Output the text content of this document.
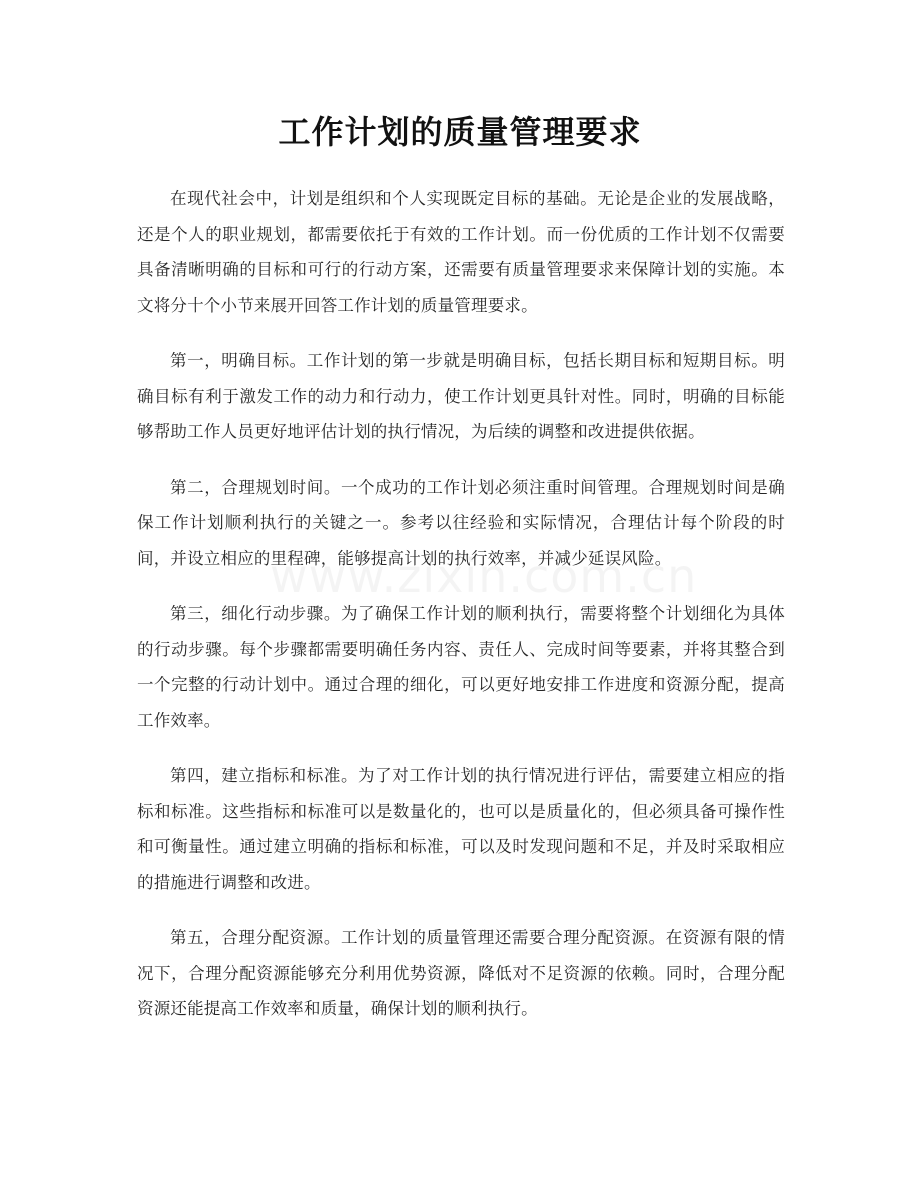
工作计划的质量管理要求

在现代社会中，计划是组织和个人实现既定目标的基础。无论是企业的发展战略，还是个人的职业规划，都需要依托于有效的工作计划。而一份优质的工作计划不仅需要具备清晰明确的目标和可行的行动方案，还需要有质量管理要求来保障计划的实施。本文将分十个小节来展开回答工作计划的质量管理要求。

第一，明确目标。工作计划的第一步就是明确目标，包括长期目标和短期目标。明确目标有利于激发工作的动力和行动力，使工作计划更具针对性。同时，明确的目标能够帮助工作人员更好地评估计划的执行情况，为后续的调整和改进提供依据。

第二，合理规划时间。一个成功的工作计划必须注重时间管理。合理规划时间是确保工作计划顺利执行的关键之一。参考以往经验和实际情况，合理估计每个阶段的时间，并设立相应的里程碑，能够提高计划的执行效率，并减少延误风险。

第三，细化行动步骤。为了确保工作计划的顺利执行，需要将整个计划细化为具体的行动步骤。每个步骤都需要明确任务内容、责任人、完成时间等要素，并将其整合到一个完整的行动计划中。通过合理的细化，可以更好地安排工作进度和资源分配，提高工作效率。

第四，建立指标和标准。为了对工作计划的执行情况进行评估，需要建立相应的指标和标准。这些指标和标准可以是数量化的，也可以是质量化的，但必须具备可操作性和可衡量性。通过建立明确的指标和标准，可以及时发现问题和不足，并及时采取相应的措施进行调整和改进。

第五，合理分配资源。工作计划的质量管理还需要合理分配资源。在资源有限的情况下，合理分配资源能够充分利用优势资源，降低对不足资源的依赖。同时，合理分配资源还能提高工作效率和质量，确保计划的顺利执行。
